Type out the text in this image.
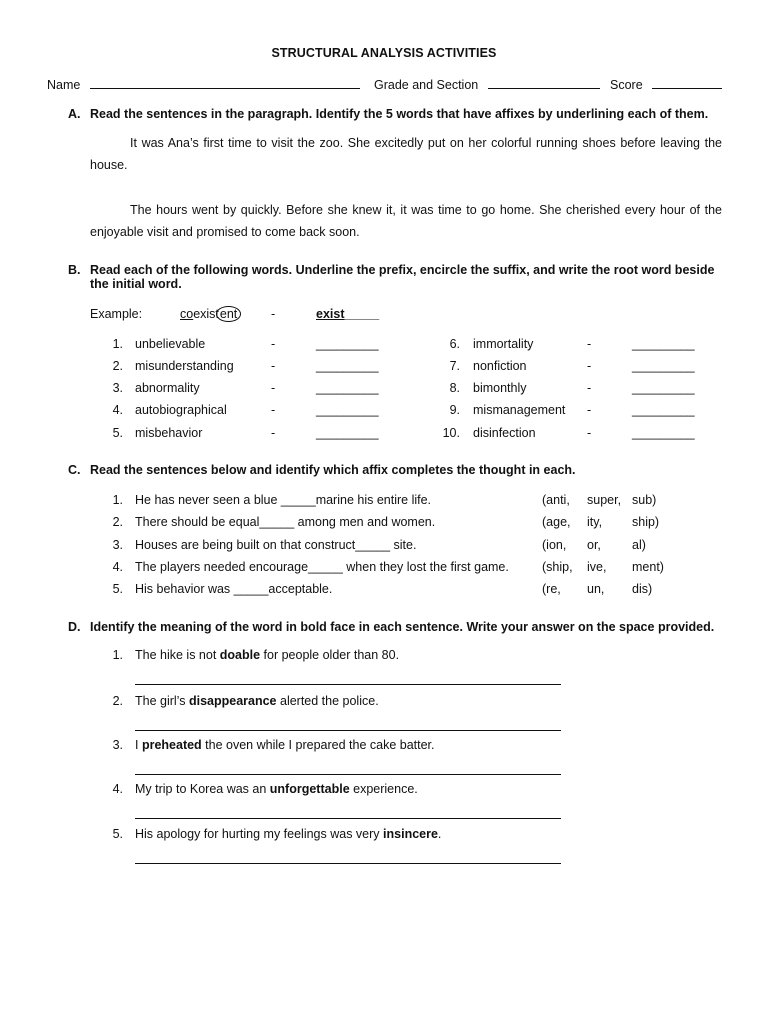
STRUCTURAL ANALYSIS ACTIVITIES
Name	Grade and Section	Score
A. Read the sentences in the paragraph. Identify the 5 words that have affixes by underlining each of them.
It was Ana’s first time to visit the zoo. She excitedly put on her colorful running shoes before leaving the
house.
The hours went by quickly. Before she knew it, it was time to go home. She cherished every hour of the
enjoyable visit and promised to come back soon.
B. Read each of the following words. Underline the prefix, encircle the suffix, and write the root word beside
the initial word.
Example:	coexistent	-	exist_____
1. unbelievable	-	_________
2. misunderstanding	-	_________
3. abnormality	-	_________
4. autobiographical	-	_________
5. misbehavior	-	_________
6. immortality	-	_________
7. nonfiction	-	_________
8. bimonthly	-	_________
9. mismanagement -	_________
10. disinfection	-	_________
C. Read the sentences below and identify which affix completes the thought in each.
1. He has never seen a blue _____marine his entire life.	(anti, super, sub)
2. There should be equal_____ among men and women.	(age, ity, ship)
3. Houses are being built on that construct_____ site.	(ion, or, al)
4. The players needed encourage_____ when they lost the first game.	(ship, ive, ment)
5. His behavior was _____acceptable.	(re, un, dis)
D. Identify the meaning of the word in bold face in each sentence. Write your answer on the space provided.
1. The hike is not doable for people older than 80.
2. The girl’s disappearance alerted the police.
3. I preheated the oven while I prepared the cake batter.
4. My trip to Korea was an unforgettable experience.
5. His apology for hurting my feelings was very insincere.
